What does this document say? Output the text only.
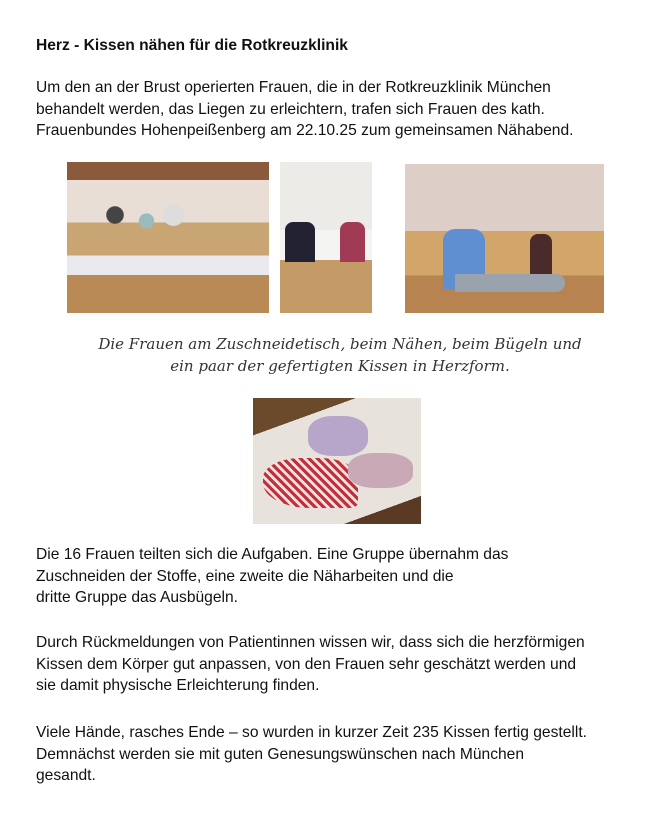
Herz - Kissen nähen für die Rotkreuzklinik
Um den an der Brust operierten Frauen, die in der Rotkreuzklinik München
behandelt werden, das Liegen zu erleichtern, trafen sich Frauen des kath.
Frauenbundes Hohenpeißenberg am 22.10.25 zum gemeinsamen Nähabend.
Die Frauen am Zuschneidetisch, beim Nähen, beim Bügeln und
ein paar der gefertigten Kissen in Herzform.
Die 16 Frauen teilten sich die Aufgaben. Eine Gruppe übernahm das
Zuschneiden der Stoffe, eine zweite die Näharbeiten und die
dritte Gruppe das Ausbügeln.
Durch Rückmeldungen von Patientinnen wissen wir, dass sich die herzförmigen
Kissen dem Körper gut anpassen, von den Frauen sehr geschätzt werden und
sie damit physische Erleichterung finden.
Viele Hände, rasches Ende – so wurden in kurzer Zeit 235 Kissen fertig gestellt.
Demnächst werden sie mit guten Genesungswünschen nach München
gesandt.
